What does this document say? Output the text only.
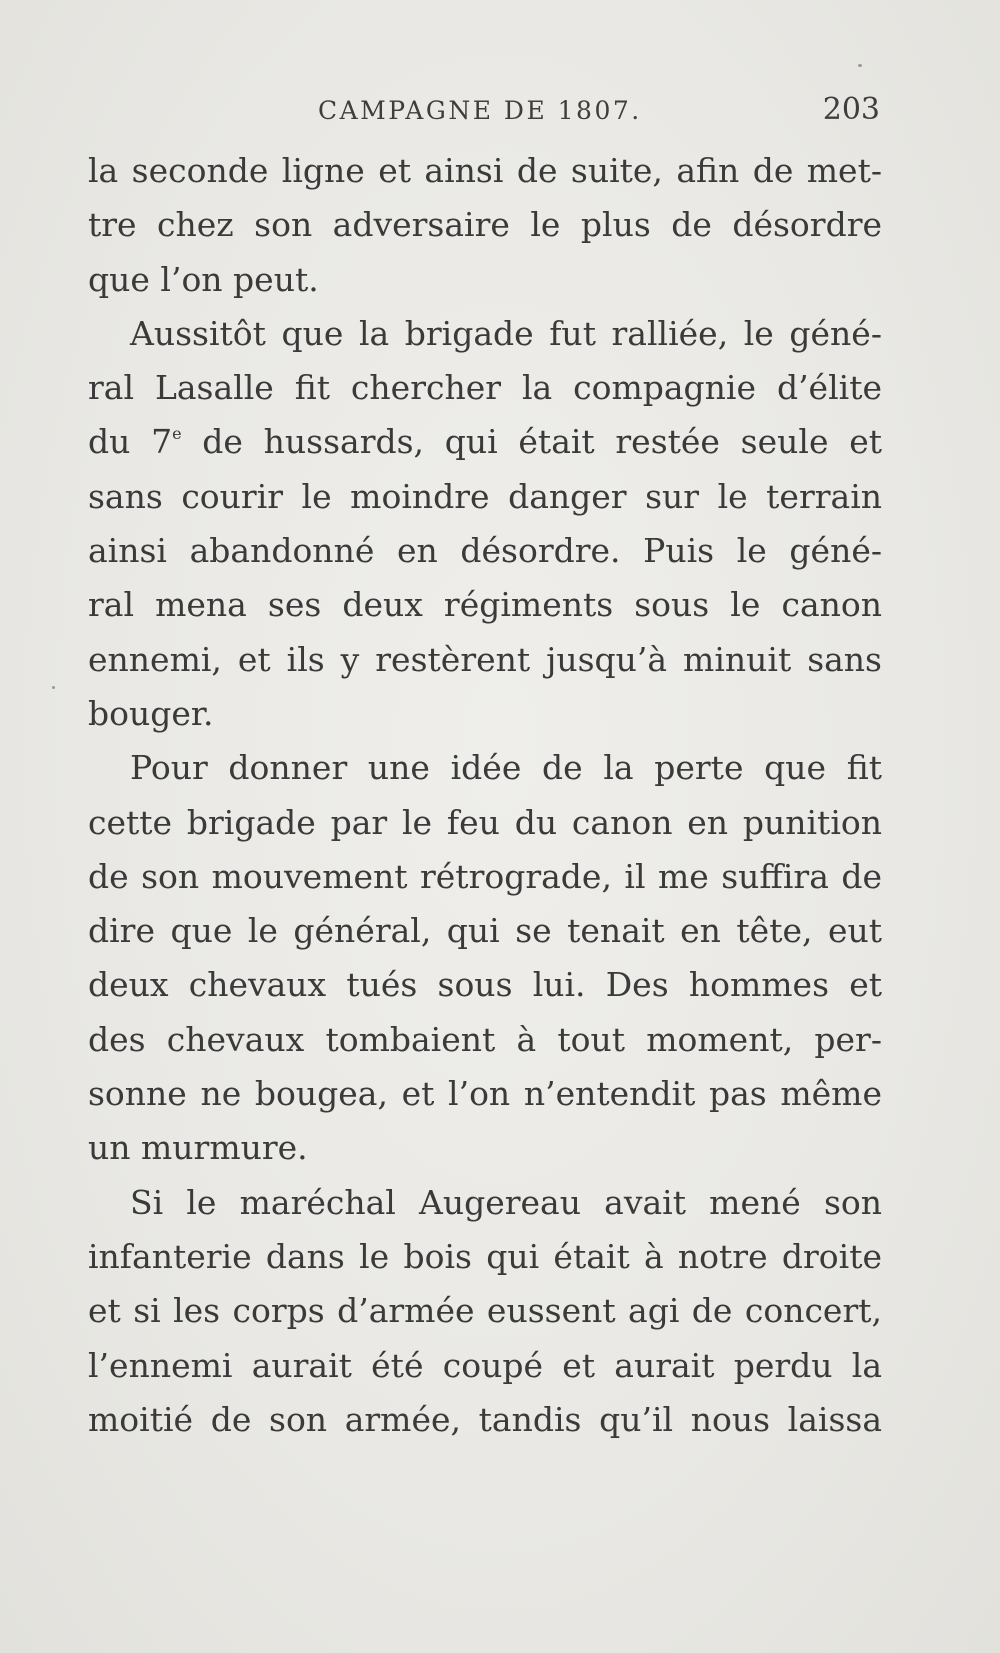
CAMPAGNE DE 1807.	203
la seconde ligne et ainsi de suite, afin de met-
tre chez son adversaire le plus de désordre
que l’on peut.
Aussitôt que la brigade fut ralliée, le géné-
ral Lasalle fit chercher la compagnie d’élite
du 7e de hussards, qui était restée seule et
sans courir le moindre danger sur le terrain
ainsi abandonné en désordre. Puis le géné-
ral mena ses deux régiments sous le canon
ennemi, et ils y restèrent jusqu’à minuit sans
bouger.
Pour donner une idée de la perte que fit
cette brigade par le feu du canon en punition
de son mouvement rétrograde, il me suffira de
dire que le général, qui se tenait en tête, eut
deux chevaux tués sous lui. Des hommes et
des chevaux tombaient à tout moment, per-
sonne ne bougea, et l’on n’entendit pas même
un murmure.
Si le maréchal Augereau avait mené son
infanterie dans le bois qui était à notre droite
et si les corps d’armée eussent agi de concert,
l’ennemi aurait été coupé et aurait perdu la
moitié de son armée, tandis qu’il nous laissa
